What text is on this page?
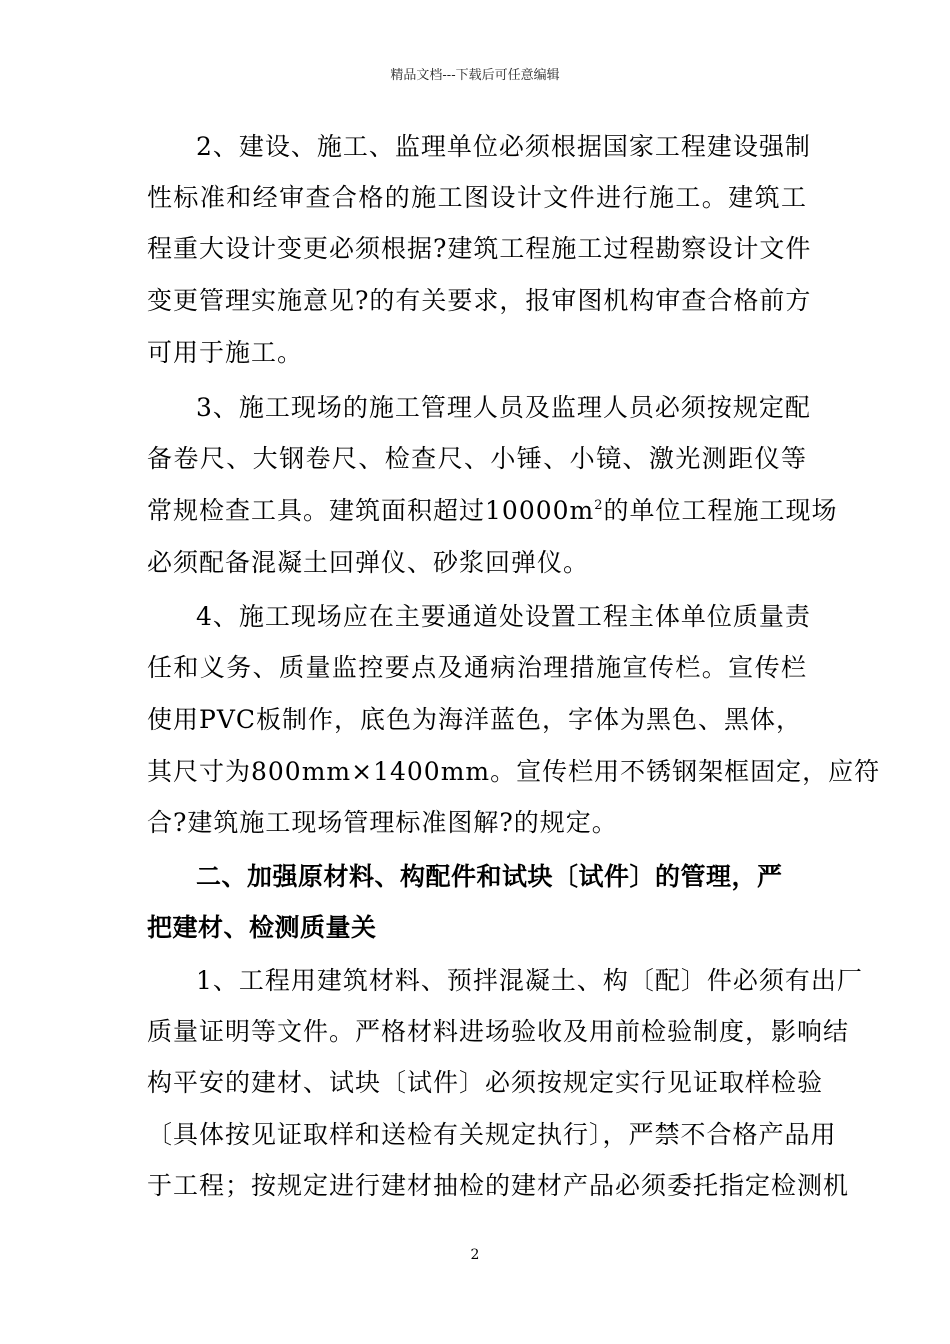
精品文档---下载后可任意编辑
2、建设、施工、监理单位必须根据国家工程建设强制
性标准和经审查合格的施工图设计文件进行施工。建筑工
程重大设计变更必须根据?建筑工程施工过程勘察设计文件
变更管理实施意见?的有关要求，报审图机构审查合格前方
可用于施工。
3、施工现场的施工管理人员及监理人员必须按规定配
备卷尺、大钢卷尺、检查尺、小锤、小镜、激光测距仪等
常规检查工具。建筑面积超过$10000m^2$的单位工程施工现场
必须配备混凝土回弹仪、砂浆回弹仪。
4、施工现场应在主要通道处设置工程主体单位质量责
任和义务、质量监控要点及通病治理措施宣传栏。宣传栏
使用PVC板制作，底色为海洋蓝色，字体为黑色、黑体，
其尺寸为800mm×1400mm。宣传栏用不锈钢架框固定，应符
合?建筑施工现场管理标准图解?的规定。
二、加强原材料、构配件和试块〔试件〕的管理，严
把建材、检测质量关
1、工程用建筑材料、预拌混凝土、构〔配〕件必须有出厂
质量证明等文件。严格材料进场验收及用前检验制度，影响结
构平安的建材、试块〔试件〕必须按规定实行见证取样检验
〔具体按见证取样和送检有关规定执行〕，严禁不合格产品用
于工程；按规定进行建材抽检的建材产品必须委托指定检测机
2
